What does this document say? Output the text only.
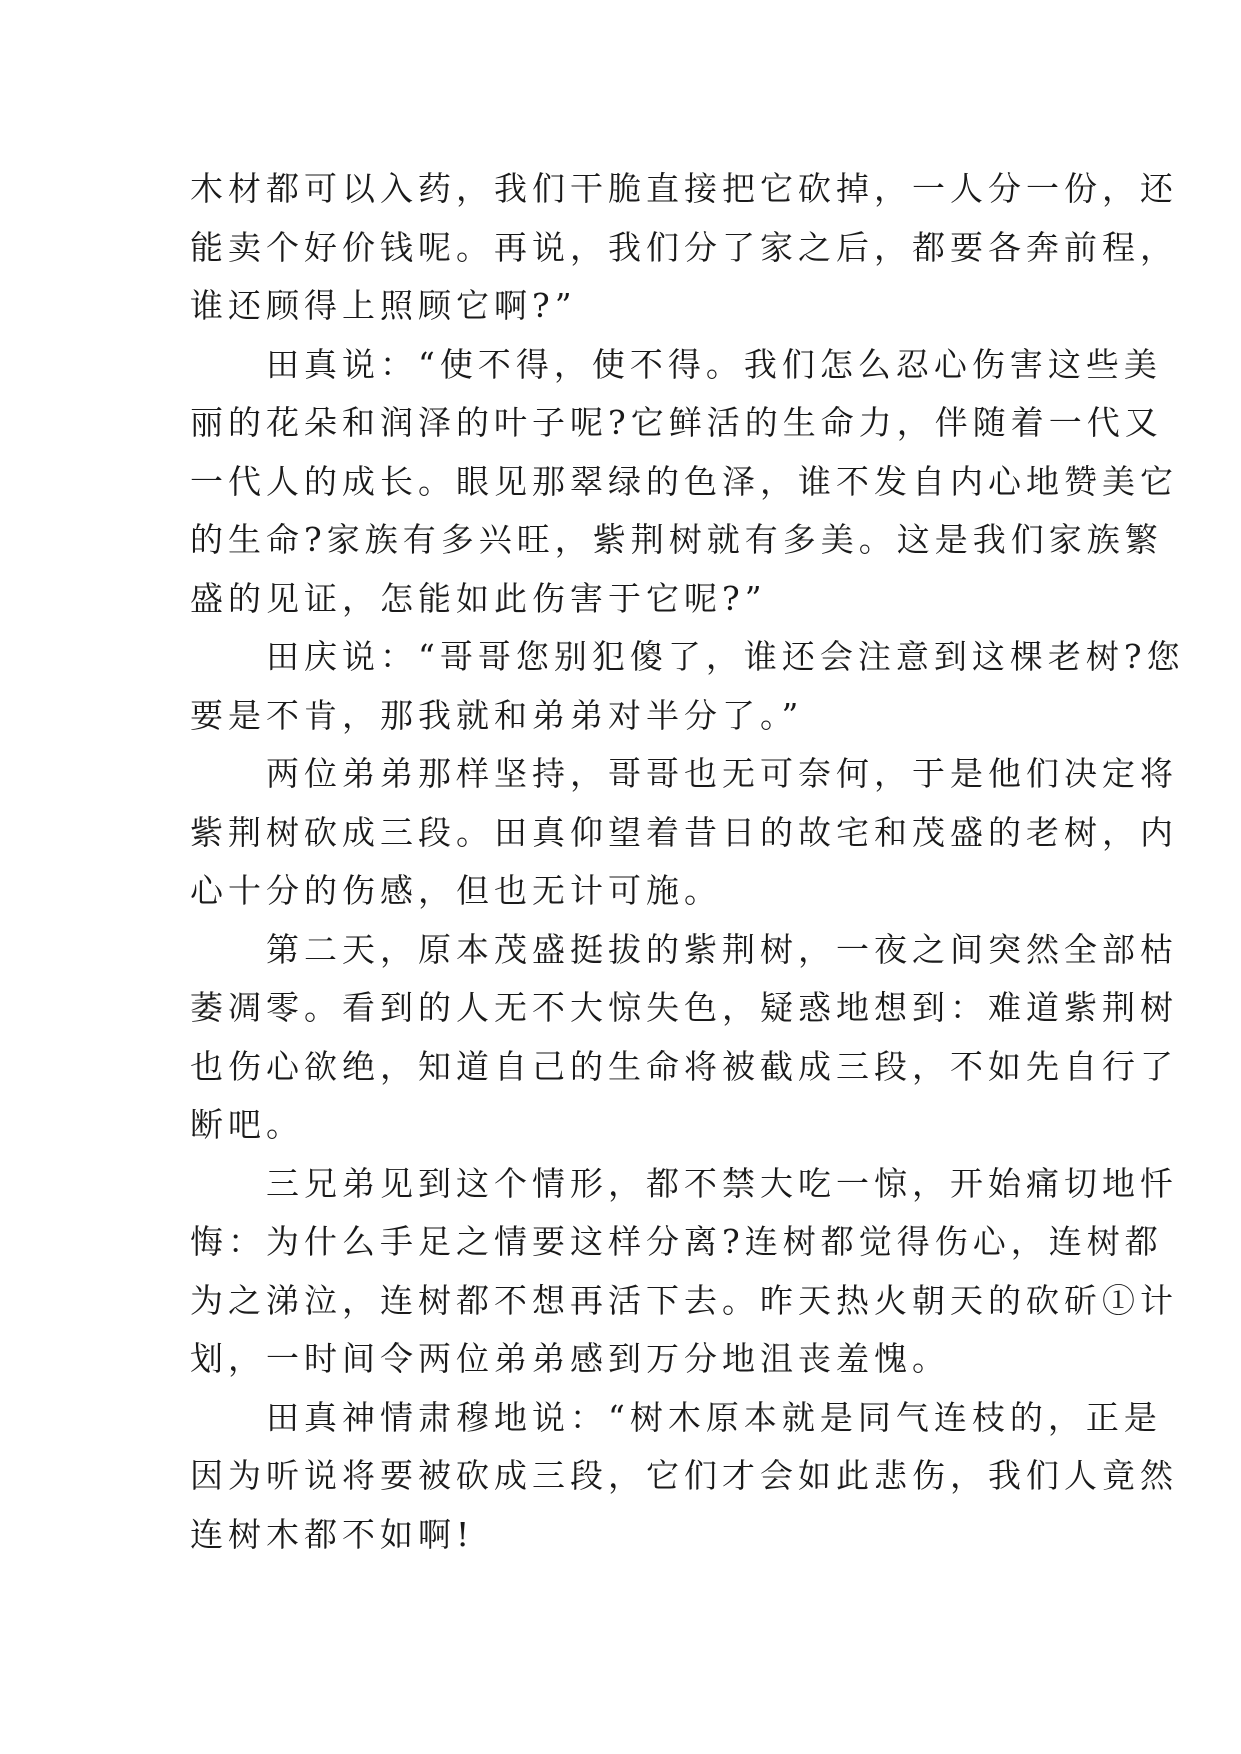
木材都可以入药，我们干脆直接把它砍掉，一人分一份，还
能卖个好价钱呢。再说，我们分了家之后，都要各奔前程，
谁还顾得上照顾它啊?”
田真说：“使不得，使不得。我们怎么忍心伤害这些美
丽的花朵和润泽的叶子呢?它鲜活的生命力，伴随着一代又
一代人的成长。眼见那翠绿的色泽，谁不发自内心地赞美它
的生命?家族有多兴旺，紫荆树就有多美。这是我们家族繁
盛的见证，怎能如此伤害于它呢?”
田庆说：“哥哥您别犯傻了，谁还会注意到这棵老树?您
要是不肯，那我就和弟弟对半分了。”
两位弟弟那样坚持，哥哥也无可奈何，于是他们决定将
紫荆树砍成三段。田真仰望着昔日的故宅和茂盛的老树，内
心十分的伤感，但也无计可施。
第二天，原本茂盛挺拔的紫荆树，一夜之间突然全部枯
萎凋零。看到的人无不大惊失色，疑惑地想到：难道紫荆树
也伤心欲绝，知道自己的生命将被截成三段，不如先自行了
断吧。
三兄弟见到这个情形，都不禁大吃一惊，开始痛切地忏
悔：为什么手足之情要这样分离?连树都觉得伤心，连树都
为之涕泣，连树都不想再活下去。昨天热火朝天的砍斫①计
划，一时间令两位弟弟感到万分地沮丧羞愧。
田真神情肃穆地说：“树木原本就是同气连枝的，正是
因为听说将要被砍成三段，它们才会如此悲伤，我们人竟然
连树木都不如啊!
